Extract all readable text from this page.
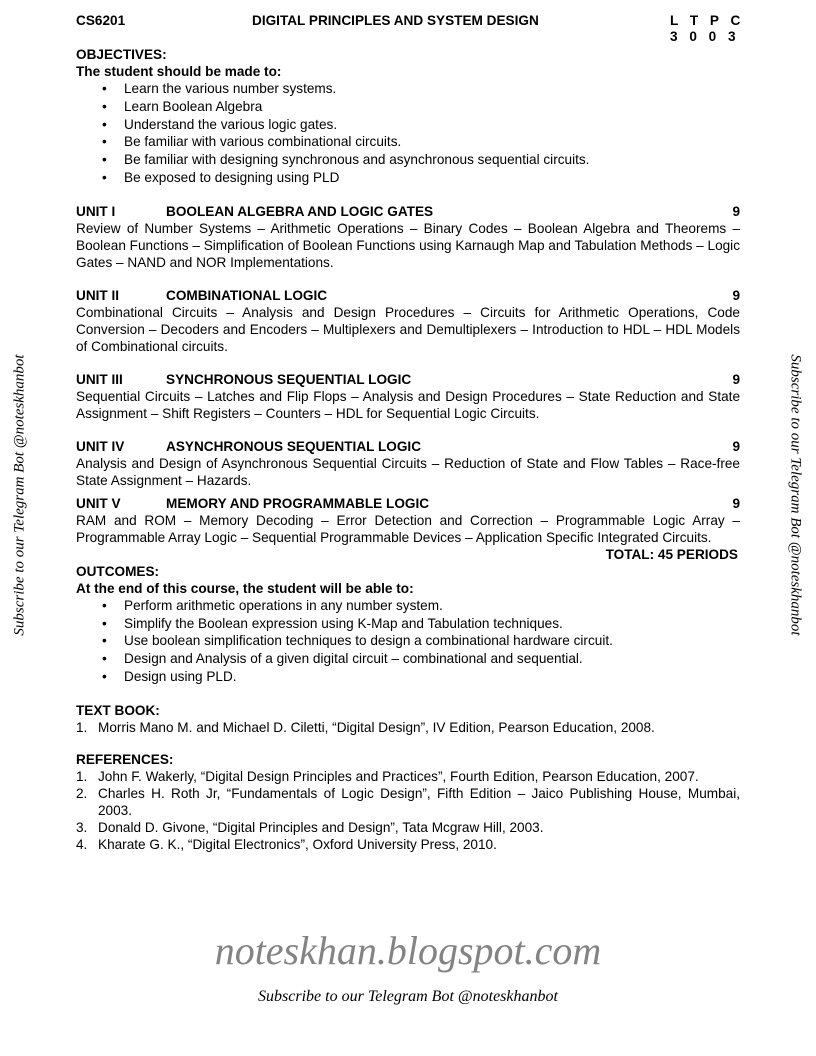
CS6201	DIGITAL PRINCIPLES AND SYSTEM DESIGN	L T P C
3 0 0 3
OBJECTIVES:
The student should be made to:
• Learn the various number systems.
• Learn Boolean Algebra
• Understand the various logic gates.
• Be familiar with various combinational circuits.
• Be familiar with designing synchronous and asynchronous sequential circuits.
• Be exposed to designing using PLD
UNIT I	BOOLEAN ALGEBRA AND LOGIC GATES	9
Review of Number Systems – Arithmetic Operations – Binary Codes – Boolean Algebra and Theorems – Boolean Functions – Simplification of Boolean Functions using Karnaugh Map and Tabulation Methods – Logic Gates – NAND and NOR Implementations.
UNIT II	COMBINATIONAL LOGIC	9
Combinational Circuits – Analysis and Design Procedures – Circuits for Arithmetic Operations, Code Conversion – Decoders and Encoders – Multiplexers and Demultiplexers – Introduction to HDL – HDL Models of Combinational circuits.
UNIT III	SYNCHRONOUS SEQUENTIAL LOGIC	9
Sequential Circuits – Latches and Flip Flops – Analysis and Design Procedures – State Reduction and State Assignment – Shift Registers – Counters – HDL for Sequential Logic Circuits.
UNIT IV	ASYNCHRONOUS SEQUENTIAL LOGIC	9
Analysis and Design of Asynchronous Sequential Circuits – Reduction of State and Flow Tables – Race-free State Assignment – Hazards.
UNIT V	MEMORY AND PROGRAMMABLE LOGIC	9
RAM and ROM – Memory Decoding – Error Detection and Correction – Programmable Logic Array – Programmable Array Logic – Sequential Programmable Devices – Application Specific Integrated Circuits.
TOTAL: 45 PERIODS
OUTCOMES:
At the end of this course, the student will be able to:
• Perform arithmetic operations in any number system.
• Simplify the Boolean expression using K-Map and Tabulation techniques.
• Use boolean simplification techniques to design a combinational hardware circuit.
• Design and Analysis of a given digital circuit – combinational and sequential.
• Design using PLD.
TEXT BOOK:
1. Morris Mano M. and Michael D. Ciletti, “Digital Design”, IV Edition, Pearson Education, 2008.
REFERENCES:
1. John F. Wakerly, “Digital Design Principles and Practices”, Fourth Edition, Pearson Education, 2007.
2. Charles H. Roth Jr, “Fundamentals of Logic Design”, Fifth Edition – Jaico Publishing House, Mumbai, 2003.
3. Donald D. Givone, “Digital Principles and Design”, Tata Mcgraw Hill, 2003.
4. Kharate G. K., “Digital Electronics”, Oxford University Press, 2010.
noteskhan.blogspot.com
Subscribe to our Telegram Bot @noteskhanbot	Subscribe to our Telegram Bot @noteskhanbot
Subscribe to our Telegram Bot @noteskhanbot
